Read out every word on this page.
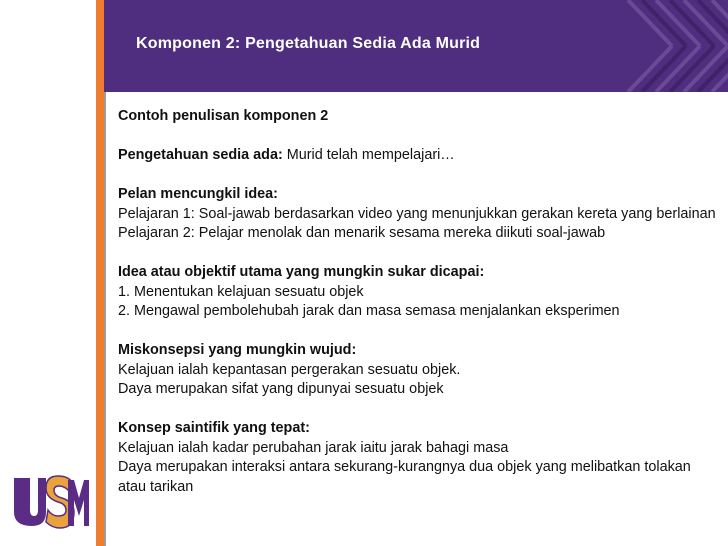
Komponen 2: Pengetahuan Sedia Ada Murid

Contoh penulisan komponen 2

Pengetahuan sedia ada: Murid telah mempelajari…

Pelan mencungkil idea:
Pelajaran 1: Soal-jawab berdasarkan video yang menunjukkan gerakan kereta yang berlainan
Pelajaran 2: Pelajar menolak dan menarik sesama mereka diikuti soal-jawab

Idea atau objektif utama yang mungkin sukar dicapai:
1. Menentukan kelajuan sesuatu objek
2. Mengawal pembolehubah jarak dan masa semasa menjalankan eksperimen

Miskonsepsi yang mungkin wujud:
Kelajuan ialah kepantasan pergerakan sesuatu objek.
Daya merupakan sifat yang dipunyai sesuatu objek

Konsep saintifik yang tepat:
Kelajuan ialah kadar perubahan jarak iaitu jarak bahagi masa
Daya merupakan interaksi antara sekurang-kurangnya dua objek yang melibatkan tolakan atau tarikan
